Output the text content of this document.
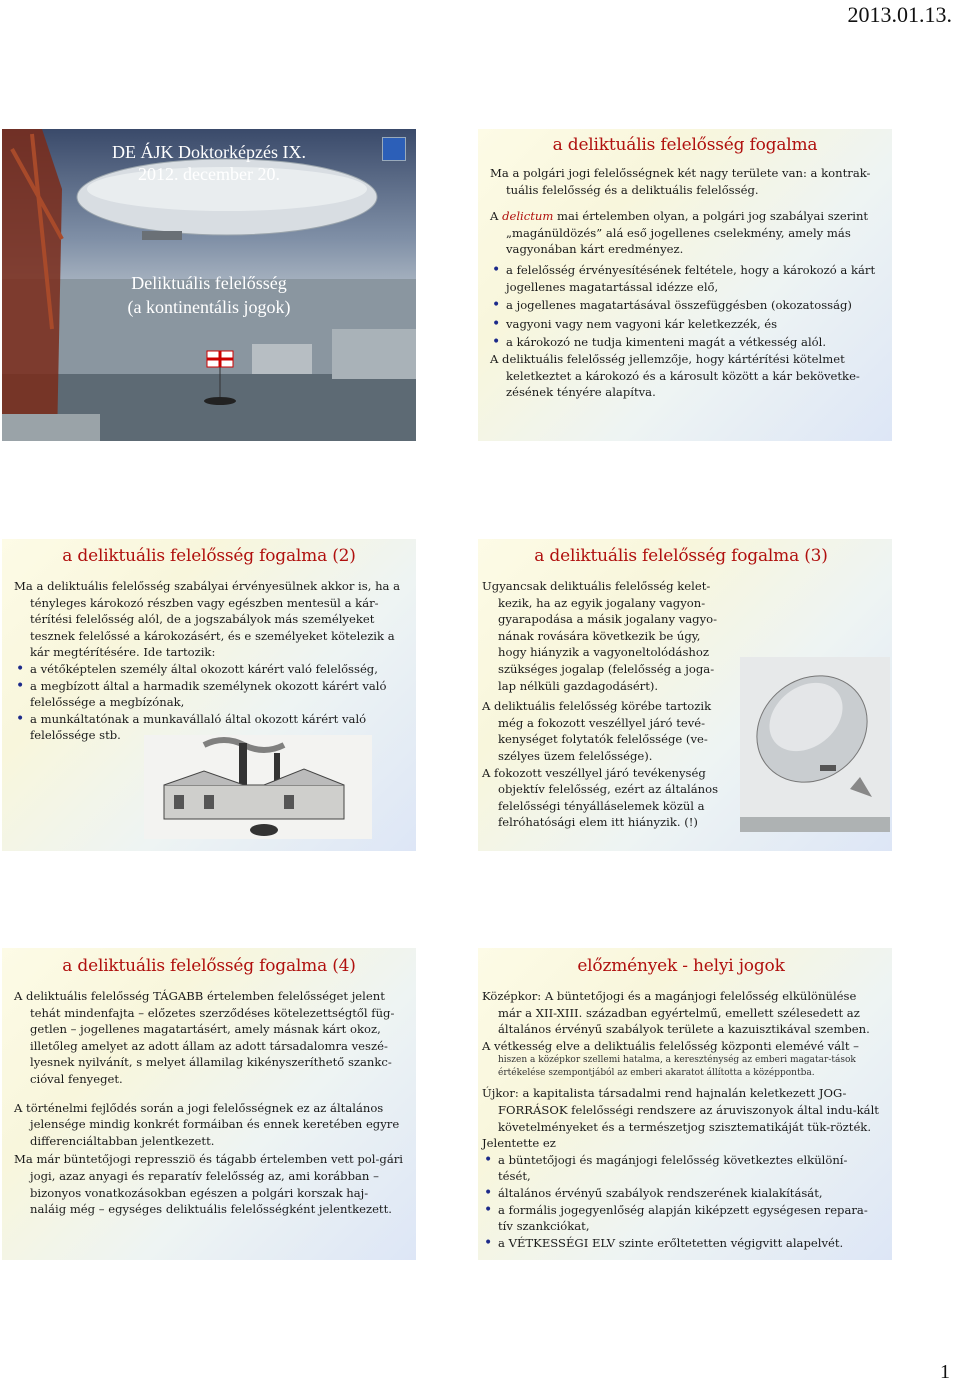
2013.01.13.
DE ÁJK Doktorképzés IX.
2012. december 20.
Deliktuális felelősség
(a kontinentális jogok)
a deliktuális felelősség fogalma

Ma a polgári jogi felelősségnek két nagy területe van: a kontrak-tuális felelősség és a deliktuális felelősség.

A delictum mai értelemben olyan, a polgári jog szabályai szerint „magánüldözés” alá eső jogellenes cselekmény, amely más vagyonában kárt eredményez.

• a felelősség érvényesítésének feltétele, hogy a károkozó a kárt jogellenes magatartással idézze elő,
• a jogellenes magatartásával összefüggésben (okozatosság)
• vagyoni vagy nem vagyoni kár keletkezzék, és
• a károkozó ne tudja kimenteni magát a vétkesség alól.

A deliktuális felelősség jellemzője, hogy kártérítési kötelmet keletkeztet a károkozó és a károsult között a kár bekövetke-zésének tényére alapítva.

a deliktuális felelősség fogalma (2)

Ma a deliktuális felelősség szabályai érvényesülnek akkor is, ha a tényleges károkozó részben vagy egészben mentesül a kár-térítési felelősség alól, de a jogszabályok más személyeket tesznek felelőssé a károkozásért, és e személyeket kötelezik a kár megtérítésére. Ide tartozik:

• a vétőképtelen személy által okozott kárért való felelősség,
• a megbízott által a harmadik személynek okozott kárért való felelőssége a megbízónak,
• a munkáltatónak a munkavállaló által okozott kárért való felelőssége stb.
a deliktuális felelősség fogalma (3)

Ugyancsak deliktuális felelősség kelet-kezik, ha az egyik jogalany vagyon-gyarapodása a másik jogalany vagyo-nának rovására következik be úgy, hogy hiányzik a vagyoneltolódáshoz szükséges jogalap (felelősség a joga-lap nélküli gazdagodásért).

A deliktuális felelősség körébe tartozik még a fokozott veszéllyel járó tevé-kenységet folytatók felelőssége (ve-szélyes üzem felelőssége).

A fokozott veszéllyel járó tevékenység objektív felelősség, ezért az általános felelősségi tényálláselemek közül a felróhatósági elem itt hiányzik. (!)

a deliktuális felelősség fogalma (4)

A deliktuális felelősség TÁGABB értelemben felelősséget jelent tehát mindenfajta – előzetes szerződéses kötelezettségtől füg-getlen – jogellenes magatartásért, amely másnak kárt okoz, illetőleg amelyet az adott állam az adott társadalomra veszé-lyesnek nyilvánít, s melyet államilag kikényszeríthető szankc-cióval fenyeget.

A történelmi fejlődés során a jogi felelősségnek ez az általános jelensége mindig konkrét formáiban és ennek keretében egyre differenciáltabban jelentkezett.

Ma már büntetőjogi repressziö és tágabb értelemben vett pol-gári jogi, azaz anyagi és reparatív felelősség az, ami korábban – bizonyos vonatkozásokban egészen a polgári korszak haj-naláig még – egységes deliktuális felelősségként jelentkezett.

előzmények - helyi jogok

Középkor: A büntetőjogi és a magánjogi felelősség elkülönülése már a XII-XIII. században egyértelmű, emellett szélesedett az általános érvényű szabályok területe a kazuisztikával szemben.

A vétkesség elve a deliktuális felelősség központi elemévé vált –

hiszen a középkor szellemi hatalma, a kereszténység az emberi magatar-tások értékelése szempontjából az emberi akaratot állította a középpontba.

Újkor: a kapitalista társadalmi rend hajnalán keletkezett JOG-FORRÁSOK felelősségi rendszere az áruviszonyok által indu-kált követelményeket és a természetjog szisztematikáját tük-rözték.

Jelentette ez

• a büntetőjogi és magánjogi felelősség következtes elkülöní-tését,
• általános érvényű szabályok rendszerének kialakítását,
• a formális jogegyenlőség alapján kiképzett egységesen repara-tív szankciókat,
• a VÉTKESSÉGI ELV szinte erőltetetten végigvitt alapelvét.
1
